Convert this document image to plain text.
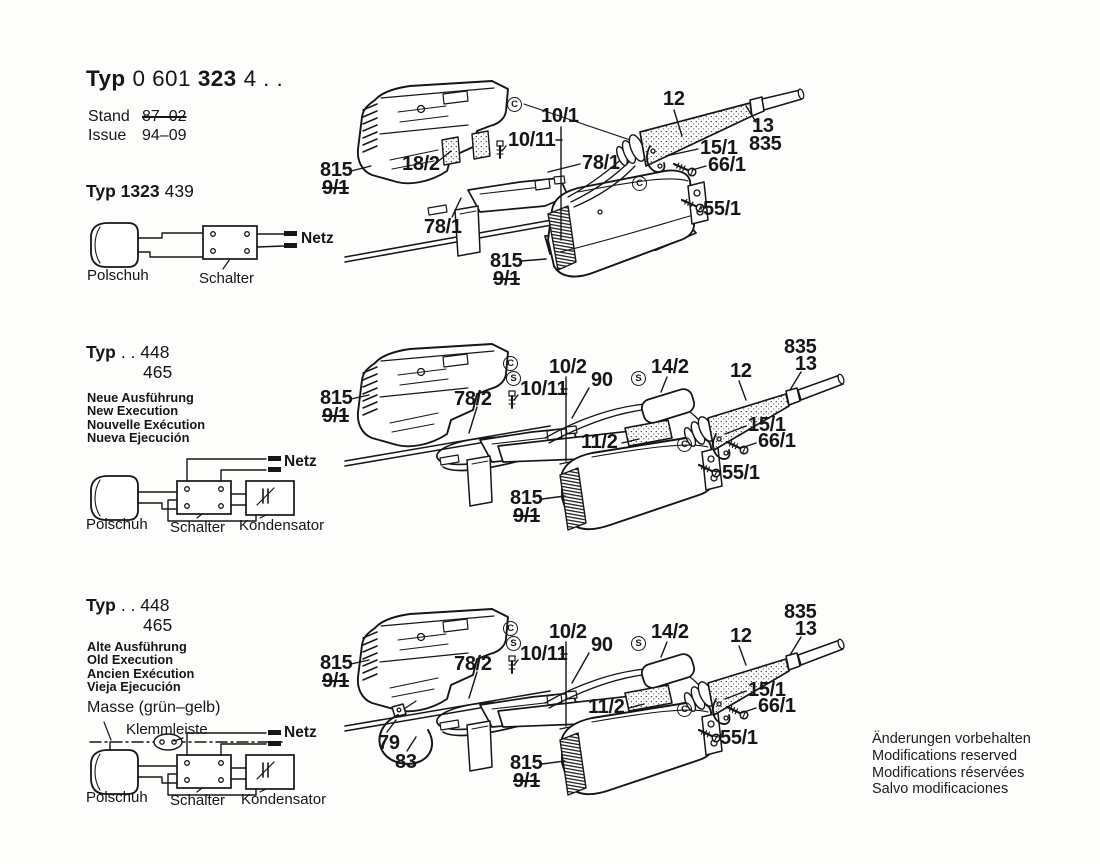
Typ 0 601 323 4 . .
Stand 87–02
Issue 94–09
Typ 1323 439
Polschuh	Schalter
Netz
Typ . . 448
465
Neue Ausführung
New Execution
Nouvelle Exécution
Nueva Ejecución
Polschuh Schalter Kondensator
Netz
Typ . . 448
465
Alte Ausführung
Old Execution
Ancien Exécution
Vieja Ejecución
Masse (grün–gelb)
Klemmleiste
Polschuh Schalter Kondensator
Netz	Änderungen vorbehalten
Modifications reserved
Modifications réservées
Salvo modificaciones
12
13
835
10/1
10/11
815
9/1
18/2	78/1
15/1
66/1
55/1
78/1
815
9/1
C
C
835
13
12
14/2
10/2
90
10/11
78/2
815
9/1	15/1
66/1
11/2
55/1
815
9/1
C
S	S
C
835
13
12
14/2
10/2
90
10/11
78/2
815
9/1	15/1
66/1
11/2
55/1
79
83	815
9/1
C
S	S
C
